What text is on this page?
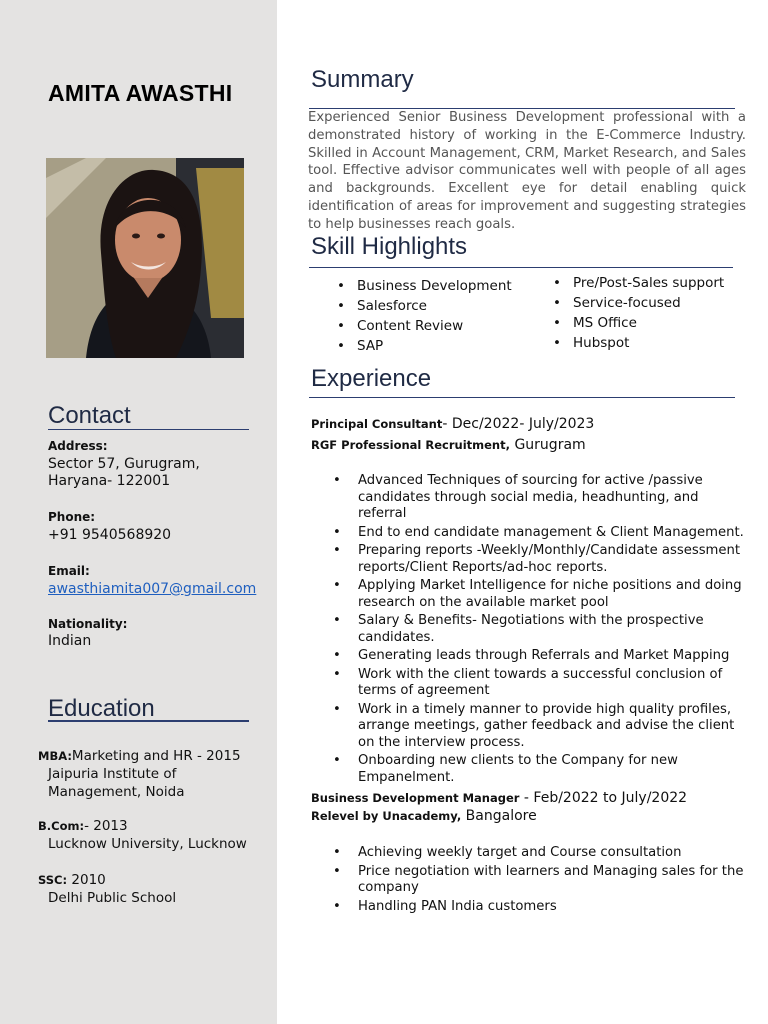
AMITA AWASTHI
Contact
Address:
Sector 57, Gurugram,
Haryana- 122001
Phone:
+91 9540568920
Email:
awasthiamita007@gmail.com
Nationality:
Indian
Education
MBA:Marketing and HR - 2015
Jaipuria Institute of
Management, Noida
B.Com:- 2013
Lucknow University, Lucknow
SSC: 2010
Delhi Public School
Summary
Experienced Senior Business Development professional with a demonstrated history of working in the E-Commerce Industry. Skilled in Account Management, CRM, Market Research, and Sales tool. Effective advisor communicates well with people of all ages and backgrounds. Excellent eye for detail enabling quick identification of areas for improvement and suggesting strategies to help businesses reach goals.
Skill Highlights
• Business Development
• Salesforce
• Content Review
• SAP
• Pre/Post-Sales support
• Service-focused
• MS Office
• Hubspot
Experience
Principal Consultant- Dec/2022- July/2023
RGF Professional Recruitment, Gurugram
• Advanced Techniques of sourcing for active /passive candidates through social media, headhunting, and referral
• End to end candidate management & Client Management.
• Preparing reports -Weekly/Monthly/Candidate assessment reports/Client Reports/ad-hoc reports.
• Applying Market Intelligence for niche positions and doing research on the available market pool
• Salary & Benefits- Negotiations with the prospective candidates.
• Generating leads through Referrals and Market Mapping
• Work with the client towards a successful conclusion of terms of agreement
• Work in a timely manner to provide high quality profiles, arrange meetings, gather feedback and advise the client on the interview process.
• Onboarding new clients to the Company for new Empanelment.
Business Development Manager - Feb/2022 to July/2022
Relevel by Unacademy, Bangalore
• Achieving weekly target and Course consultation
• Price negotiation with learners and Managing sales for the company
• Handling PAN India customers
